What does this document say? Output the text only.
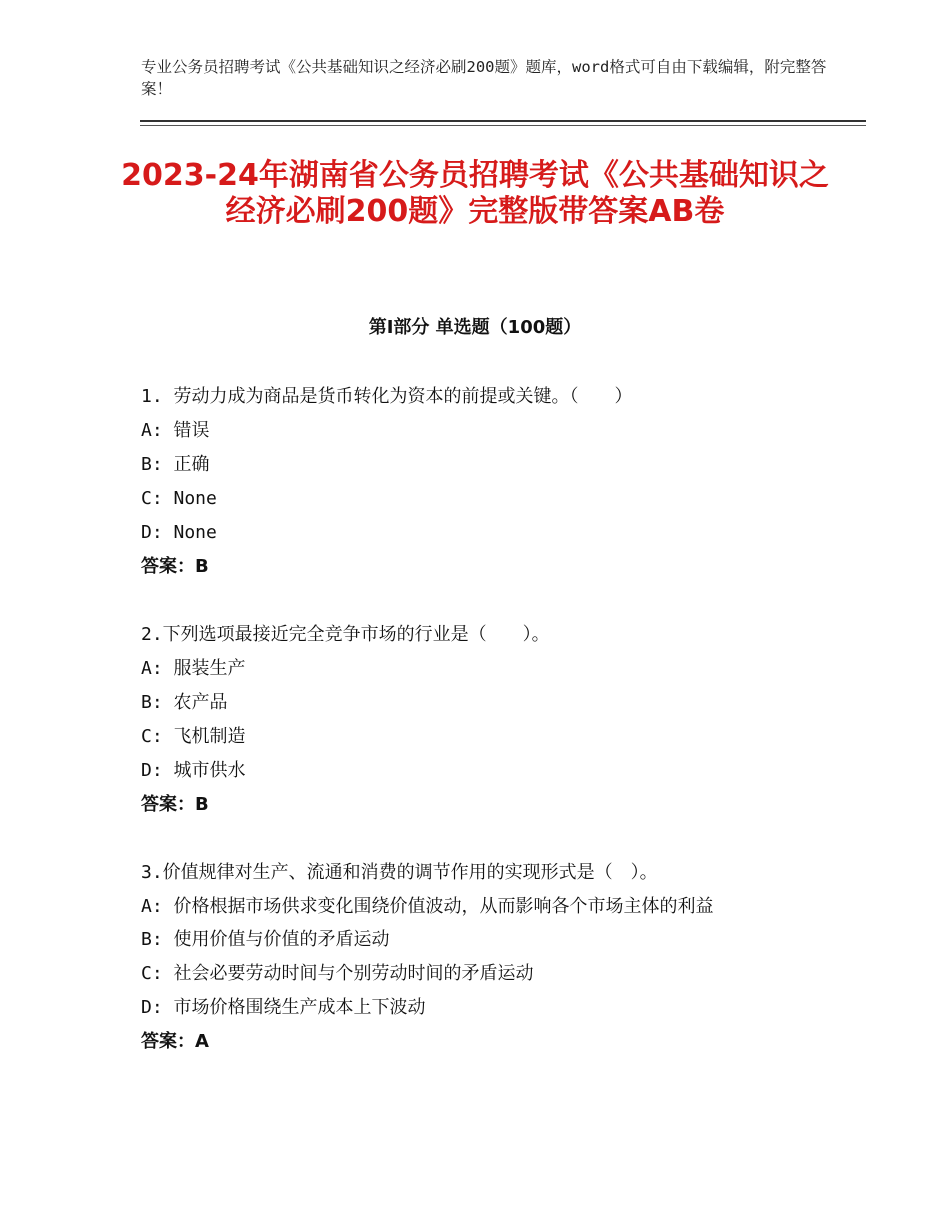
专业公务员招聘考试《公共基础知识之经济必刷200题》题库，word格式可自由下载编辑，附完整答案！
2023-24年湖南省公务员招聘考试《公共基础知识之经济必刷200题》完整版带答案AB卷
第Ⅰ部分 单选题（100题）
1. 劳动力成为商品是货币转化为资本的前提或关键。（　　）
A: 错误
B: 正确
C: None
D: None
答案：B
2.下列选项最接近完全竞争市场的行业是（　　）。
A: 服装生产
B: 农产品
C: 飞机制造
D: 城市供水
答案：B
3.价值规律对生产、流通和消费的调节作用的实现形式是（　）。
A: 价格根据市场供求变化围绕价值波动，从而影响各个市场主体的利益
B: 使用价值与价值的矛盾运动
C: 社会必要劳动时间与个别劳动时间的矛盾运动
D: 市场价格围绕生产成本上下波动
答案：A
